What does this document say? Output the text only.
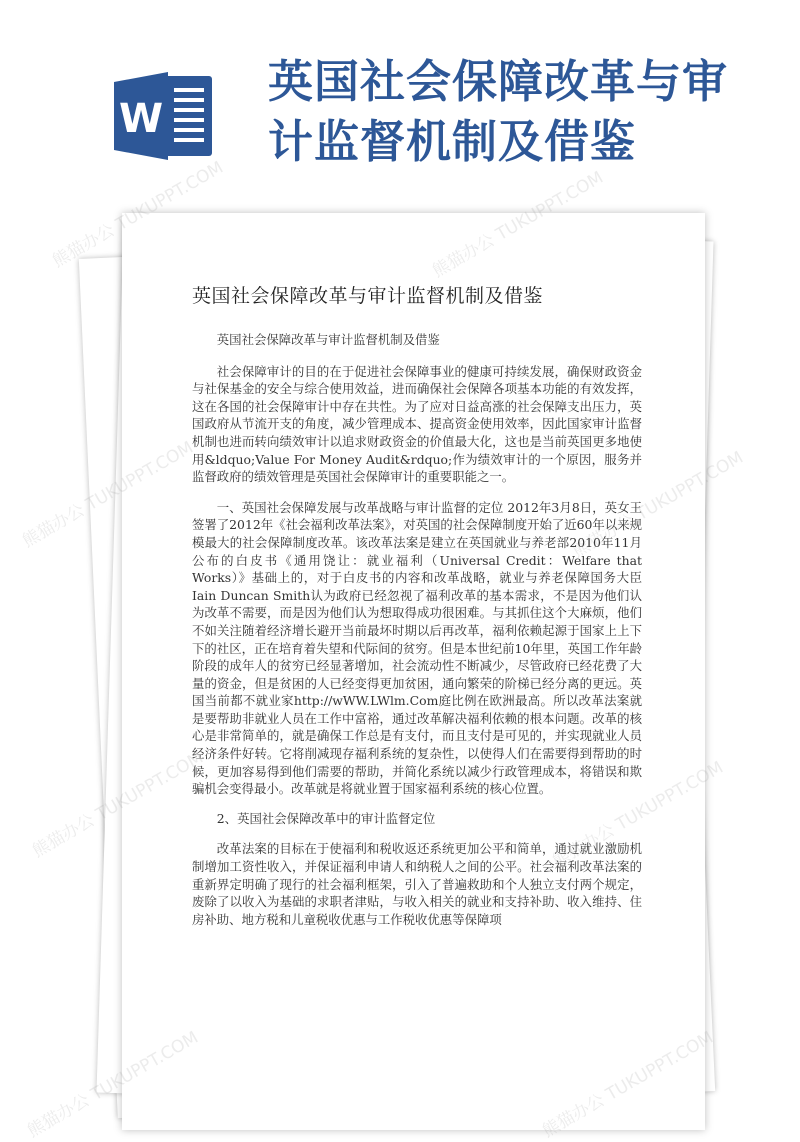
W
英国社会保障改革与审计监督机制及借鉴
英国社会保障改革与审计监督机制及借鉴

英国社会保障改革与审计监督机制及借鉴

社会保障审计的目的在于促进社会保障事业的健康可持续发展，确保财政资金与社保基金的安全与综合使用效益，进而确保社会保障各项基本功能的有效发挥，这在各国的社会保障审计中存在共性。为了应对日益高涨的社会保障支出压力，英国政府从节流开支的角度，减少管理成本、提高资金使用效率，因此国家审计监督机制也进而转向绩效审计以追求财政资金的价值最大化，这也是当前英国更多地使用&ldquo;Value For Money Audit&rdquo;作为绩效审计的一个原因，服务并监督政府的绩效管理是英国社会保障审计的重要职能之一。

一、英国社会保障发展与改革战略与审计监督的定位 2012年3月8日，英女王签署了2012年《社会福利改革法案》，对英国的社会保障制度开始了近60年以来规模最大的社会保障制度改革。该改革法案是建立在英国就业与养老部2010年11月公布的白皮书《通用饶让：就业福利（Universal Credit：Welfare that Works）》基础上的，对于白皮书的内容和改革战略，就业与养老保障国务大臣Iain Duncan Smith认为政府已经忽视了福利改革的基本需求，不是因为他们认为改革不需要，而是因为他们认为想取得成功很困难。与其抓住这个大麻烦，他们不如关注随着经济增长避开当前最坏时期以后再改革，福利依赖起源于国家上上下下的社区，正在培育着失望和代际间的贫穷。但是本世纪前10年里，英国工作年龄阶段的成年人的贫穷已经显著增加，社会流动性不断减少，尽管政府已经花费了大量的资金，但是贫困的人已经变得更加贫困，通向繁荣的阶梯已经分离的更远。英国当前都不就业家http://wWW.LWlm.Com庭比例在欧洲最高。所以改革法案就是要帮助非就业人员在工作中富裕，通过改革解决福利依赖的根本问题。改革的核心是非常简单的，就是确保工作总是有支付，而且支付是可见的，并实现就业人员经济条件好转。它将削减现存福利系统的复杂性，以使得人们在需要得到帮助的时候，更加容易得到他们需要的帮助，并简化系统以减少行政管理成本，将错误和欺骗机会变得最小。改革就是将就业置于国家福利系统的核心位置。

2、英国社会保障改革中的审计监督定位

改革法案的目标在于使福利和税收返还系统更加公平和简单，通过就业激励机制增加工资性收入，并保证福利申请人和纳税人之间的公平。社会福利改革法案的重新界定明确了现行的社会福利框架，引入了普遍救助和个人独立支付两个规定，废除了以收入为基础的求职者津贴，与收入相关的就业和支持补助、收入维持、住房补助、地方税和儿童税收优惠与工作税收优惠等保障项

熊猫办公 TUKUPPT.COM
熊猫办公
熊猫办公
熊猫办公
